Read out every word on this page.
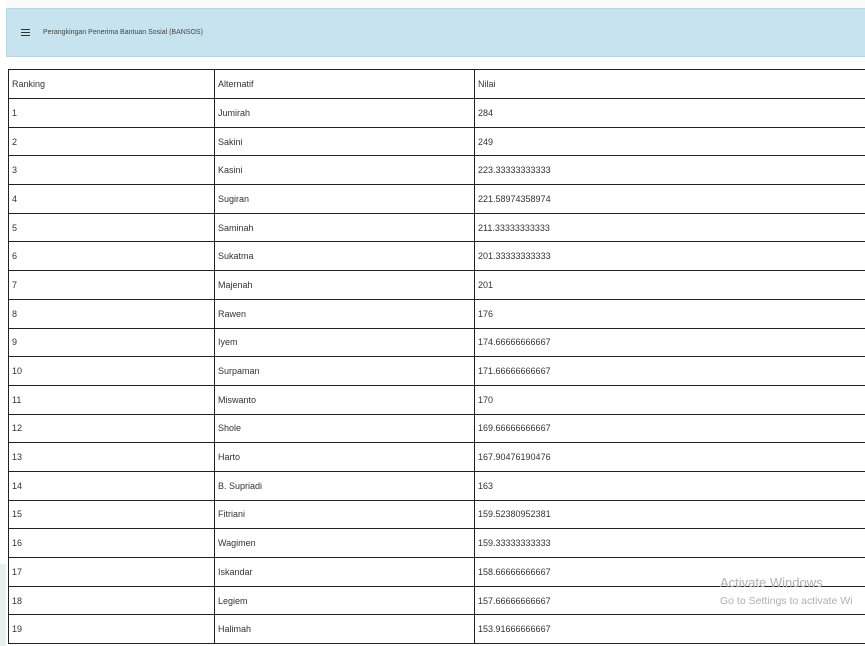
Perangkingan Penerima Bantuan Sosial (BANSOS)
Ranking	Alternatif	Nilai
1	Jumirah	284
2	Sakini	249
3	Kasini	223.33333333333
4	Sugiran	221.58974358974
5	Saminah	211.33333333333
6	Sukatma	201.33333333333
7	Majenah	201
8	Rawen	176
9	Iyem	174.66666666667
10	Surpaman	171.66666666667
11	Miswanto	170
12	Shole	169.66666666667
13	Harto	167.90476190476
14	B. Supriadi	163
15	Fitriani	159.52380952381
16	Wagimen	159.33333333333
17	Iskandar	158.66666666667
18	Legiem	157.66666666667
19	Halimah	153.91666666667
Activate Windows
Go to Settings to activate Wi
